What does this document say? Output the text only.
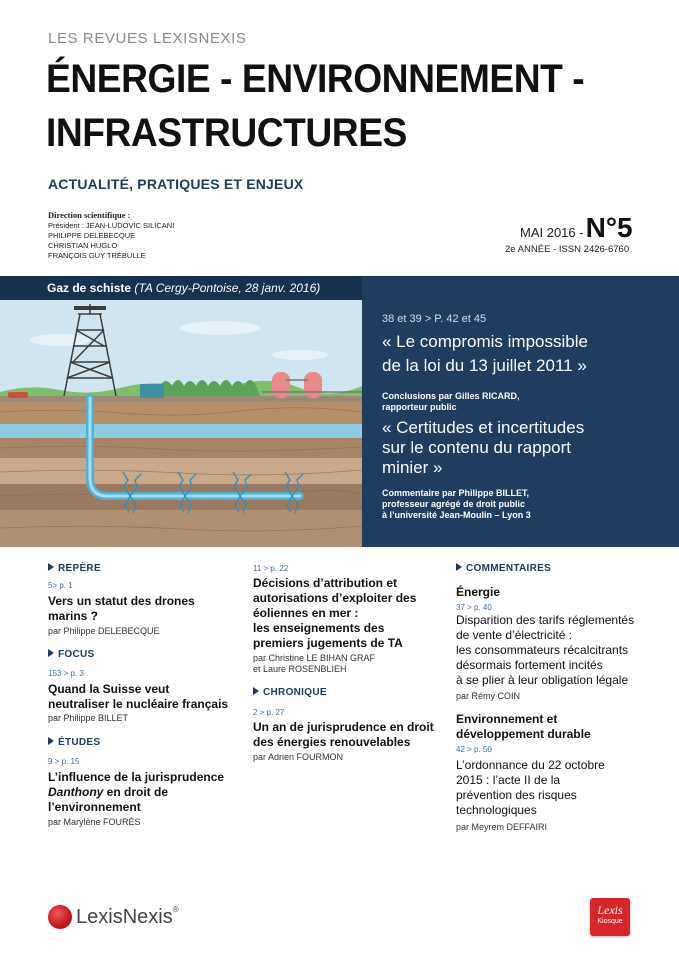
LES REVUES LEXISNEXIS
ÉNERGIE - ENVIRONNEMENT -
INFRASTRUCTURES
ACTUALITÉ, PRATIQUES ET ENJEUX
Direction scientifique :
Président : JEAN-LUDOVIC SILICANI
PHILIPPE DELEBECQUE
CHRISTIAN HUGLO
FRANÇOIS GUY TRÉBULLE
MAI 2016 -N°5
2e ANNÉE - ISSN 2426-6760
Gaz de schiste (TA Cergy-Pontoise, 28 janv. 2016)
38 et 39 > P. 42 et 45
« Le compromis impossible
de la loi du 13 juillet 2011 »
Conclusions par Gilles RICARD,
rapporteur public
« Certitudes et incertitudes
sur le contenu du rapport
minier »
Commentaire par Philippe BILLET,
professeur agrégé de droit public
à l’université Jean-Moulin – Lyon 3
REPÈRE
5> p. 1
Vers un statut des drones
marins ?
par Philippe DELEBECQUE
FOCUS
153 > p. 3
Quand la Suisse veut
neutraliser le nucléaire français
par Philippe BILLET
ÉTUDES
9 > p. 15
L’influence de la jurisprudence
Danthony en droit de
l’environnement
par Marylène FOURÈS
11 > p. 22
Décisions d’attribution et
autorisations d’exploiter des
éoliennes en mer :
les enseignements des
premiers jugements de TA
par Christine LE BIHAN GRAF
et Laure ROSENBLIEH
CHRONIQUE
2 > p. 27
Un an de jurisprudence en droit
des énergies renouvelables
par Adrien FOURMON
COMMENTAIRES
Énergie
37 > p. 40
Disparition des tarifs réglementés
de vente d’électricité :
les consommateurs récalcitrants
désormais fortement incités
à se plier à leur obligation légale
par Rémy COIN
Environnement et
développement durable
42 > p. 50
L’ordonnance du 22 octobre
2015 : l’acte II de la
prévention des risques
technologiques
par Meyrem DEFFAIRI
LexisNexis®	Lexis
Kiosque
